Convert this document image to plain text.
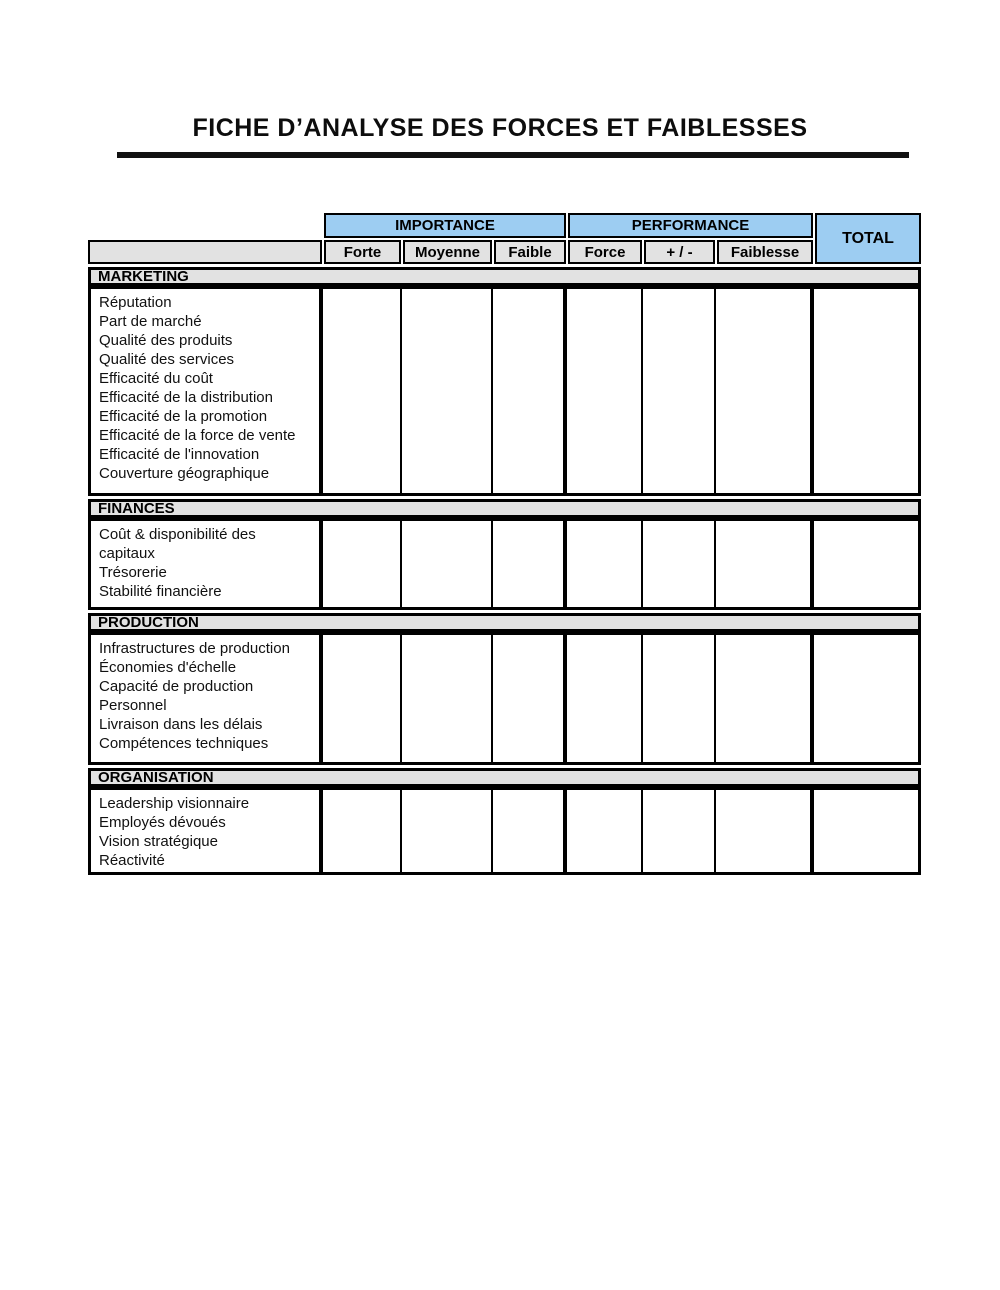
FICHE D’ANALYSE DES FORCES ET FAIBLESSES
IMPORTANCE	PERFORMANCE
TOTAL
Forte	Moyenne	Faible	Force	+ / -	Faiblesse
MARKETING
Réputation
Part de marché
Qualité des produits
Qualité des services
Efficacité du coût
Efficacité de la distribution
Efficacité de la promotion
Efficacité de la force de vente
Efficacité de l'innovation
Couverture géographique
FINANCES
Coût & disponibilité des capitaux
Trésorerie
Stabilité financière
PRODUCTION
Infrastructures de production
Économies d'échelle
Capacité de production
Personnel
Livraison dans les délais
Compétences techniques
ORGANISATION
Leadership visionnaire
Employés dévoués
Vision stratégique
Réactivité
